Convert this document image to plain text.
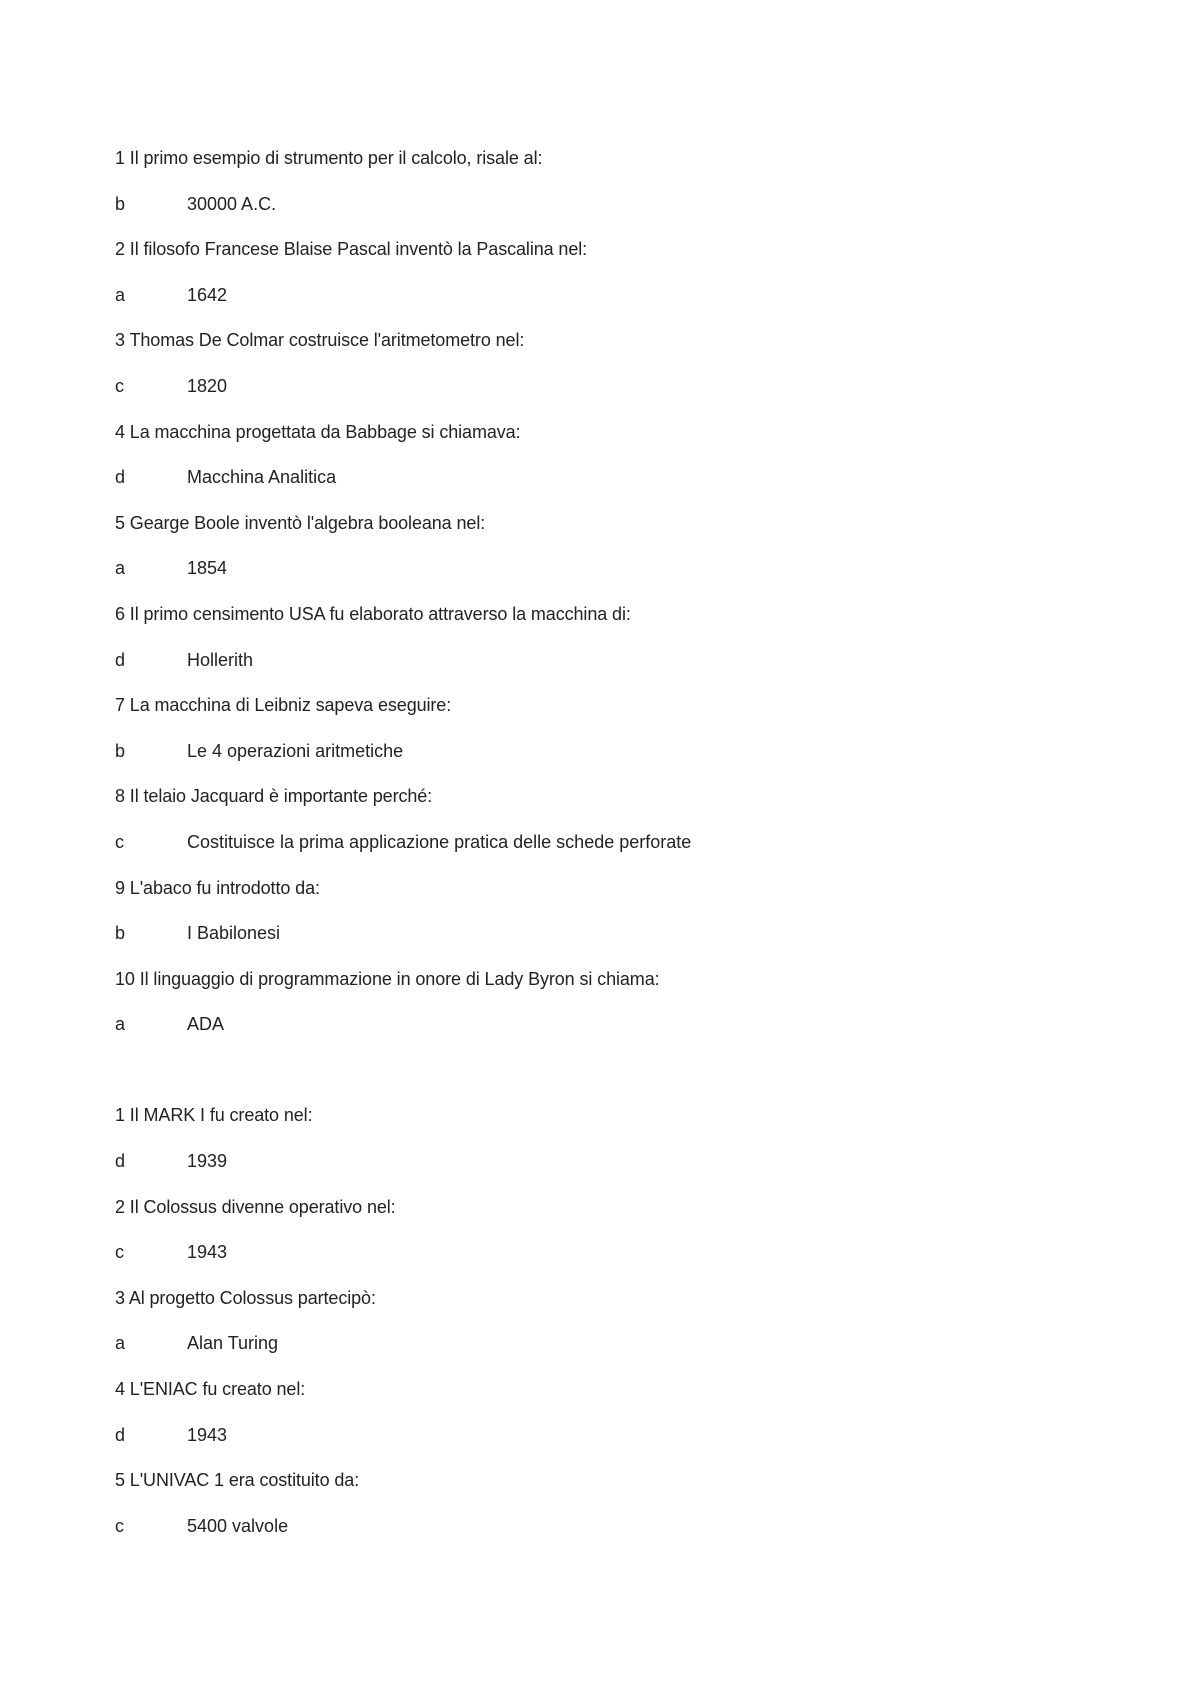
1 Il primo esempio di strumento per il calcolo, risale al:
b	30000 A.C.
2 Il filosofo Francese Blaise Pascal inventò la Pascalina nel:
a	1642
3 Thomas De Colmar costruisce l'aritmetometro nel:
c	1820
4 La macchina progettata da Babbage si chiamava:
d	Macchina Analitica
5 Gearge Boole inventò l'algebra booleana nel:
a	1854
6 Il primo censimento USA fu elaborato attraverso la macchina di:
d	Hollerith
7 La macchina di Leibniz sapeva eseguire:
b	Le 4 operazioni aritmetiche
8 Il telaio Jacquard è importante perché:
c	Costituisce la prima applicazione pratica delle schede perforate
9 L'abaco fu introdotto da:
b	I Babilonesi
10 Il linguaggio di programmazione in onore di Lady Byron si chiama:
a	ADA
1 Il MARK I fu creato nel:
d	1939
2 Il Colossus divenne operativo nel:
c	1943
3 Al progetto Colossus partecipò:
a	Alan Turing
4 L'ENIAC fu creato nel:
d	1943
5 L'UNIVAC 1 era costituito da:
c	5400 valvole
